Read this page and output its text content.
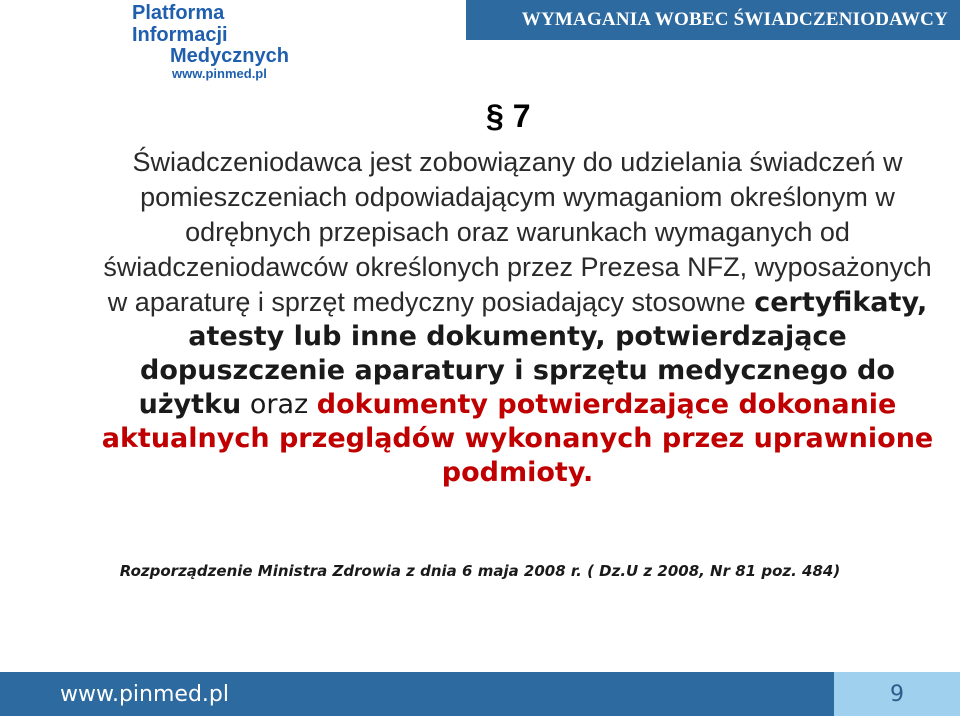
Platforma Informacji
Medycznych
www.pinmed.pl
WYMAGANIA WOBEC ŚWIADCZENIODAWCY
§ 7
Świadczeniodawca jest zobowiązany do udzielania świadczeń w pomieszczeniach odpowiadającym wymaganiom określonym w odrębnych przepisach oraz warunkach wymaganych od świadczeniodawców określonych przez Prezesa NFZ, wyposażonych w aparaturę i sprzęt medyczny posiadający stosowne certyfikaty, atesty lub inne dokumenty, potwierdzające dopuszczenie aparatury i sprzętu medycznego do użytku oraz dokumenty potwierdzające dokonanie aktualnych przeglądów wykonanych przez uprawnione podmioty.
Rozporządzenie Ministra Zdrowia z dnia 6 maja 2008 r. ( Dz.U z 2008, Nr 81 poz. 484)
www.pinmed.pl	9
